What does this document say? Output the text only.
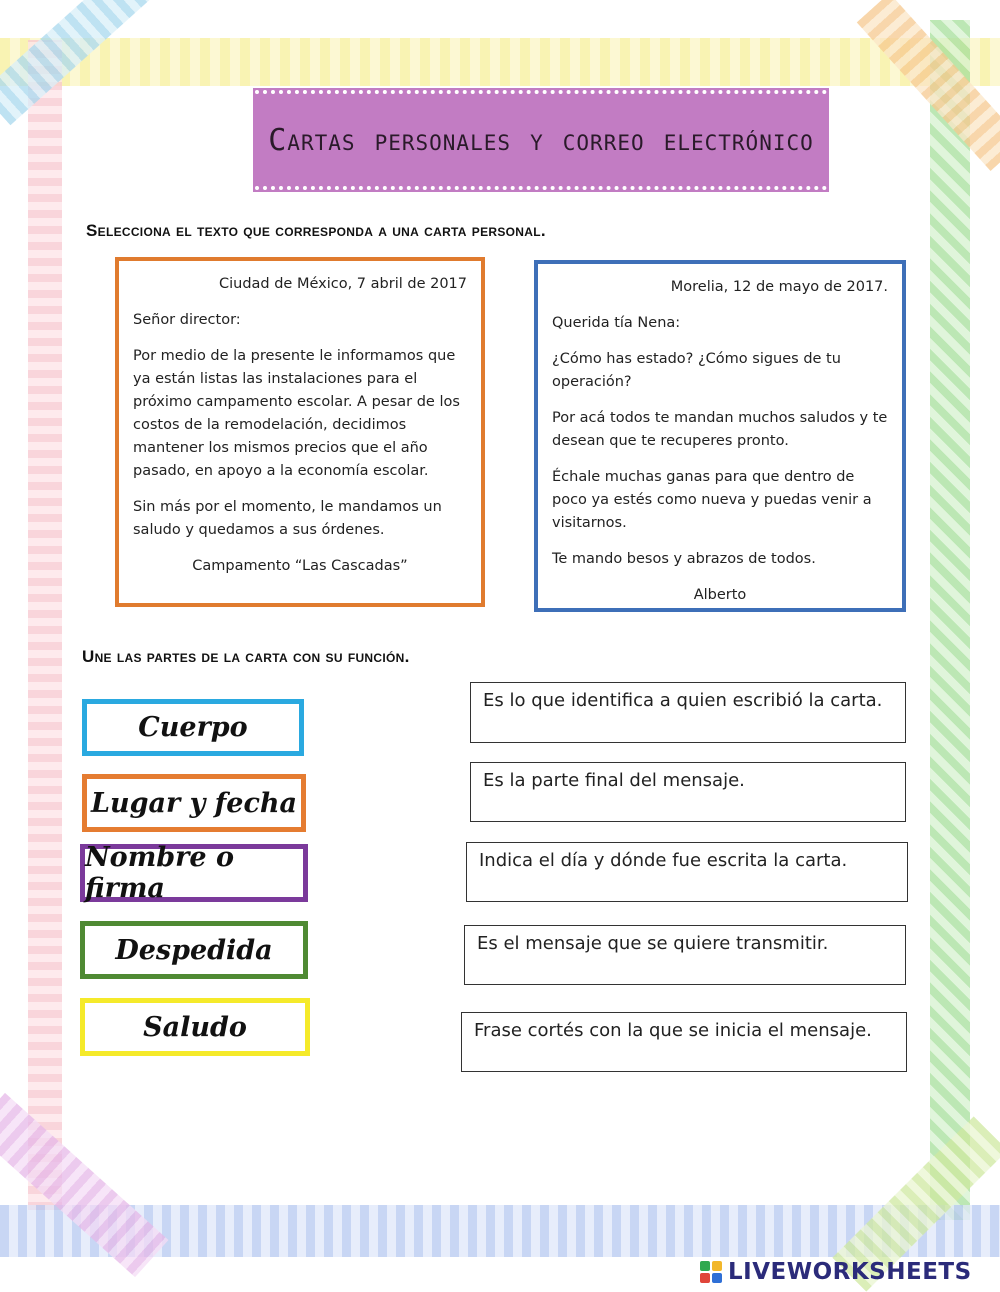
Cartas personales y correo electrónico
Selecciona el texto que corresponda a una carta personal.

Ciudad de México, 7 abril de 2017

Señor director:

Por medio de la presente le informamos que ya están listas las instalaciones para el próximo campamento escolar. A pesar de los costos de la remodelación, decidimos mantener los mismos precios que el año pasado, en apoyo a la economía escolar.

Sin más por el momento, le mandamos un saludo y quedamos a sus órdenes.

Campamento “Las Cascadas”

Morelia, 12 de mayo de 2017.

Querida tía Nena:

¿Cómo has estado? ¿Cómo sigues de tu operación?

Por acá todos te mandan muchos saludos y te desean que te recuperes pronto.

Échale muchas ganas para que dentro de poco ya estés como nueva y puedas venir a visitarnos.

Te mando besos y abrazos de todos.

Alberto

Une las partes de la carta con su función.
Cuerpo
Lugar y fecha
Nombre o firma
Despedida
Saludo
Es lo que identifica a quien escribió la carta.
Es la parte final del mensaje.
Indica el día y dónde fue escrita la carta.
Es el mensaje que se quiere transmitir.
Frase cortés con la que se inicia el mensaje.
LIVEWORKSHEETS
